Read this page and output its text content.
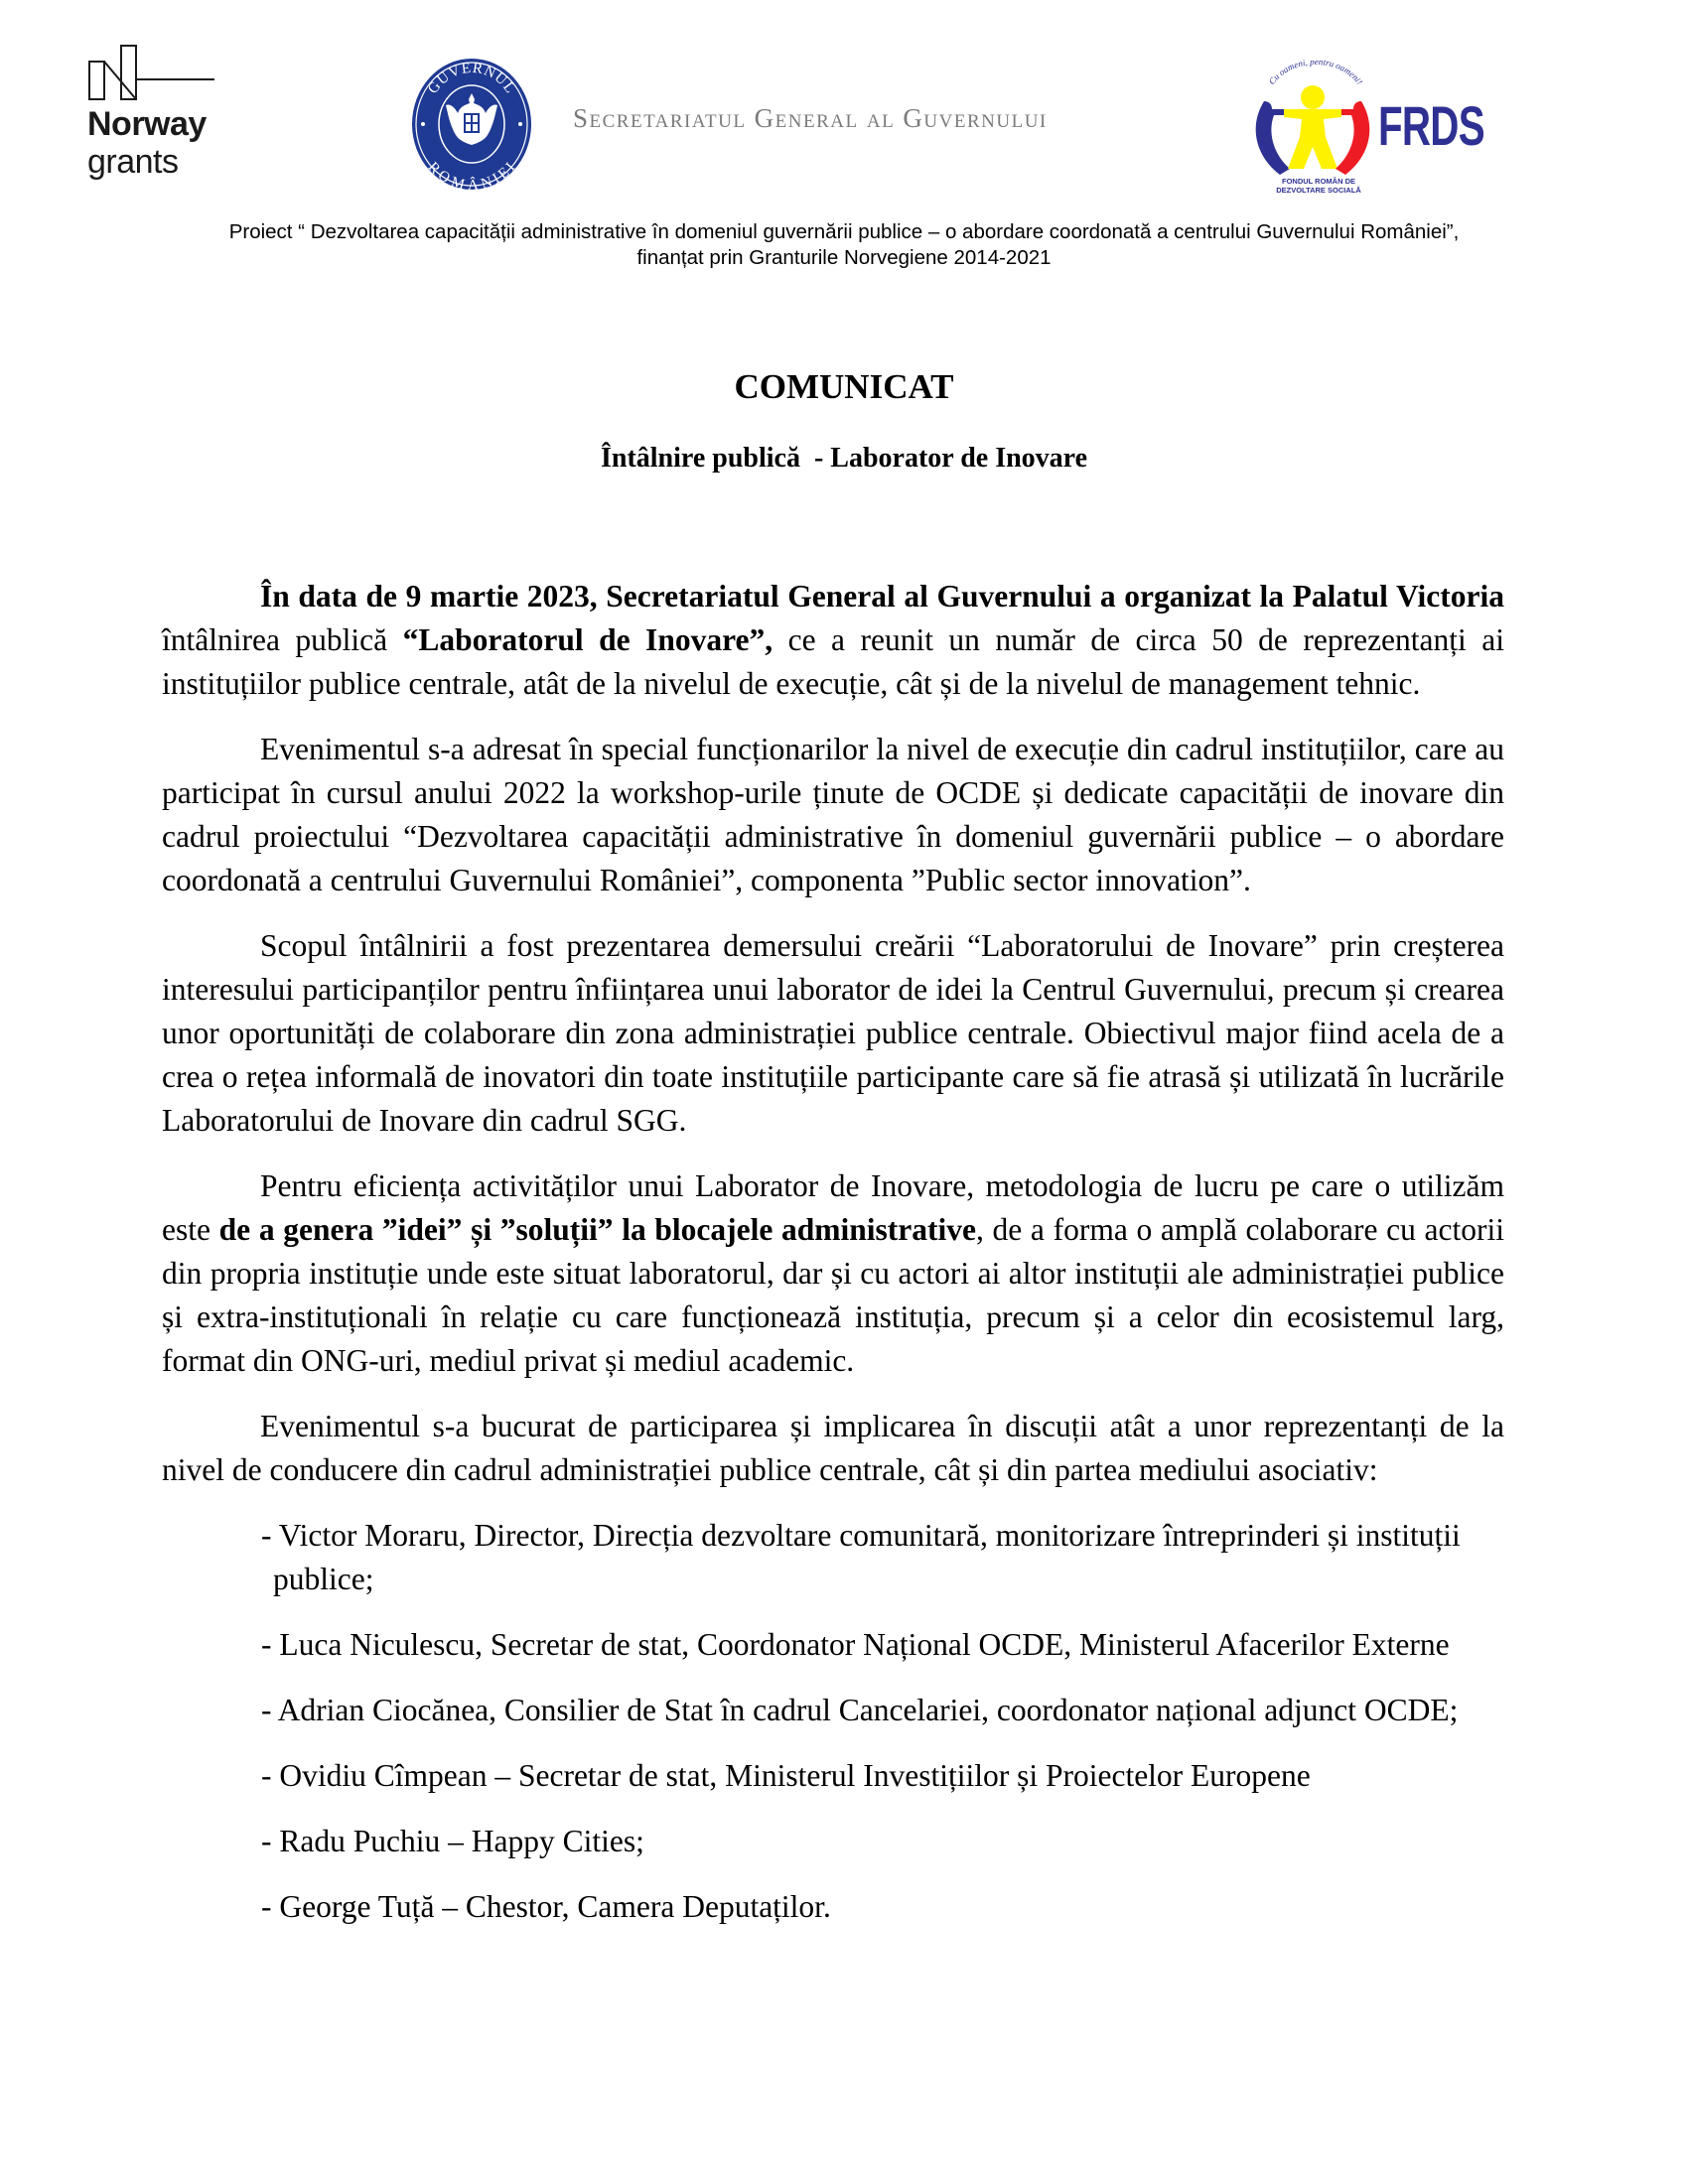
Norway
grants
GUVERNUL
ROMÂNIEI
Secretariatul General al Guvernului
Cu oameni, pentru oameni!
FRDS
FONDUL ROMÂN DE
DEZVOLTARE SOCIALĂ
Proiect “ Dezvoltarea capacității administrative în domeniul guvernării publice – o abordare coordonată a centrului Guvernului României”,
finanțat prin Granturile Norvegiene 2014-2021
COMUNICAT
Întâlnire publică  - Laborator de Inovare

În data de 9 martie 2023, Secretariatul General al Guvernului a organizat la Palatul Victoria întâlnirea publică “Laboratorul de Inovare”, ce a reunit un număr de circa 50 de reprezentanți ai instituțiilor publice centrale, atât de la nivelul de execuție, cât și de la nivelul de management tehnic.

Evenimentul s-a adresat în special funcționarilor la nivel de execuție din cadrul instituțiilor, care au participat în cursul anului 2022 la workshop-urile ținute de OCDE și dedicate capacității de inovare din cadrul proiectului “Dezvoltarea capacității administrative în domeniul guvernării publice – o abordare coordonată a centrului Guvernului României”, componenta ”Public sector innovation”.

Scopul întâlnirii a fost prezentarea demersului creării “Laboratorului de Inovare” prin creșterea interesului participanților pentru înființarea unui laborator de idei la Centrul Guvernului, precum și crearea unor oportunități de colaborare din zona administrației publice centrale. Obiectivul major fiind acela de a crea o rețea informală de inovatori din toate instituțiile participante care să fie atrasă și utilizată în lucrările Laboratorului de Inovare din cadrul SGG.

Pentru eficiența activităților unui Laborator de Inovare, metodologia de lucru pe care o utilizăm este de a genera ”idei” și ”soluții” la blocajele administrative, de a forma o amplă colaborare cu actorii din propria instituție unde este situat laboratorul, dar și cu actori ai altor instituții ale administrației publice și extra-instituționali în relație cu care funcționează instituția, precum și a celor din ecosistemul larg, format din ONG-uri, mediul privat și mediul academic.

Evenimentul s-a bucurat de participarea și implicarea în discuții atât a unor reprezentanți de la nivel de conducere din cadrul administrației publice centrale, cât și din partea mediului asociativ:

- Victor Moraru, Director, Direcția dezvoltare comunitară, monitorizare întreprinderi și instituții publice;
- Luca Niculescu, Secretar de stat, Coordonator Național OCDE, Ministerul Afacerilor Externe
- Adrian Ciocănea, Consilier de Stat în cadrul Cancelariei, coordonator național adjunct OCDE;
- Ovidiu Cîmpean – Secretar de stat, Ministerul Investițiilor și Proiectelor Europene
- Radu Puchiu – Happy Cities;
- George Tuță – Chestor, Camera Deputaților.
